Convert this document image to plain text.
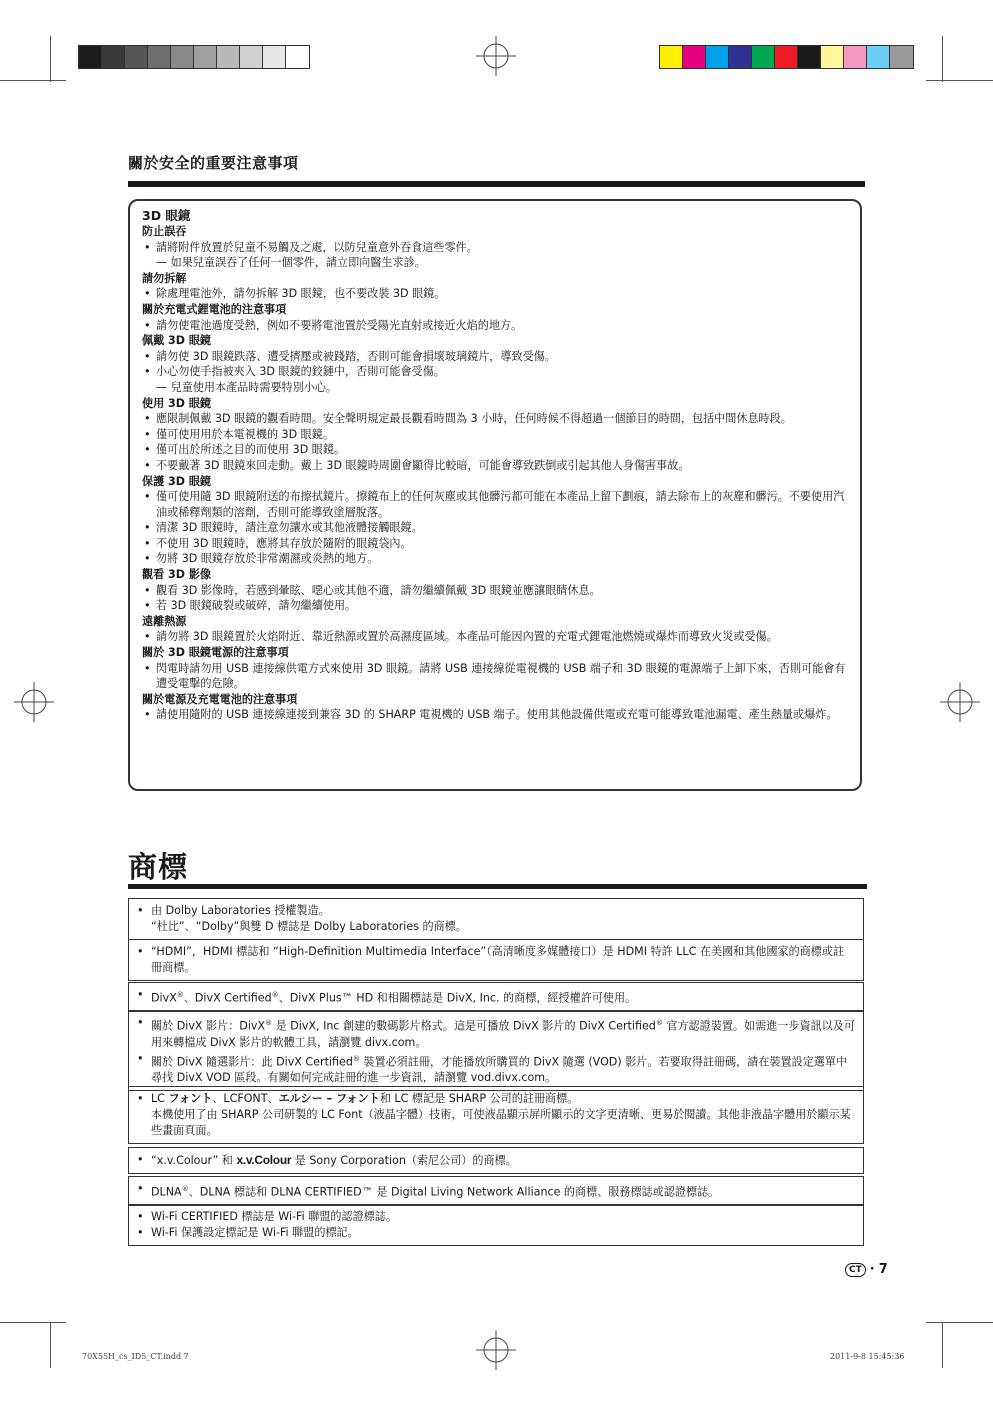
關於安全的重要注意事項
3D 眼鏡
防止誤吞
• 請將附件放置於兒童不易觸及之處，以防兒童意外吞食這些零件。
— 如果兒童誤吞了任何一個零件，請立即向醫生求診。
請勿拆解
• 除處理電池外，請勿拆解 3D 眼鏡，也不要改裝 3D 眼鏡。
關於充電式鋰電池的注意事項
• 請勿使電池過度受熱，例如不要將電池置於受陽光直射或接近火焰的地方。
佩戴 3D 眼鏡
• 請勿使 3D 眼鏡跌落、遭受擠壓或被踐踏，否則可能會損壞玻璃鏡片，導致受傷。
• 小心勿使手指被夾入 3D 眼鏡的鉸鏈中，否則可能會受傷。
— 兒童使用本產品時需要特別小心。
使用 3D 眼鏡
• 應限制佩戴 3D 眼鏡的觀看時間。安全聲明規定最長觀看時間為 3 小時，任何時候不得超過一個節目的時間，包括中間休息時段。
• 僅可使用用於本電視機的 3D 眼鏡。
• 僅可出於所述之目的而使用 3D 眼鏡。
• 不要戴著 3D 眼鏡來回走動。戴上 3D 眼鏡時周圍會顯得比較暗，可能會導致跌倒或引起其他人身傷害事故。
保護 3D 眼鏡
• 僅可使用隨 3D 眼鏡附送的布擦拭鏡片。擦鏡布上的任何灰塵或其他髒污都可能在本產品上留下劃痕，請去除布上的灰塵和髒污。不要使用汽油或稀釋劑類的溶劑，否則可能導致塗層脫落。
• 清潔 3D 眼鏡時，請注意勿讓水或其他液體接觸眼鏡。
• 不使用 3D 眼鏡時，應將其存放於隨附的眼鏡袋內。
• 勿將 3D 眼鏡存放於非常潮濕或炎熱的地方。
觀看 3D 影像
• 觀看 3D 影像時，若感到暈眩、噁心或其他不適，請勿繼續佩戴 3D 眼鏡並應讓眼睛休息。
• 若 3D 眼鏡破裂或破碎，請勿繼續使用。
遠離熱源
• 請勿將 3D 眼鏡置於火焰附近、靠近熱源或置於高濕度區域。本產品可能因內置的充電式鋰電池燃燒或爆炸而導致火災或受傷。
關於 3D 眼鏡電源的注意事項
• 閃電時請勿用 USB 連接線供電方式來使用 3D 眼鏡。請將 USB 連接線從電視機的 USB 端子和 3D 眼鏡的電源端子上卸下來，否則可能會有遭受電擊的危險。
關於電源及充電電池的注意事項
• 請使用隨附的 USB 連接線連接到兼容 3D 的 SHARP 電視機的 USB 端子。使用其他設備供電或充電可能導致電池漏電、產生熱量或爆炸。
商標
• 由 Dolby Laboratories 授權製造。
“杜比”、“Dolby”與雙 D 標誌是 Dolby Laboratories 的商標。
• “HDMI”，HDMI 標誌和 “High-Definition Multimedia Interface”（高清晰度多媒體接口）是 HDMI 特許 LLC 在美國和其他國家的商標或註冊商標。
• DivX®、DivX Certified®、DivX Plus™ HD 和相關標誌是 DivX, Inc. 的商標，經授權許可使用。
• 關於 DivX 影片：DivX® 是 DivX, Inc 創建的數碼影片格式。這是可播放 DivX 影片的 DivX Certified® 官方認證裝置。如需進一步資訊以及可用來轉檔成 DivX 影片的軟體工具，請瀏覽 divx.com。
• 關於 DivX 隨選影片：此 DivX Certified® 裝置必須註冊，才能播放所購買的 DivX 隨選 (VOD) 影片。若要取得註冊碼，請在裝置設定選單中尋找 DivX VOD 區段。有關如何完成註冊的進一步資訊，請瀏覽 vod.divx.com。
• LC フォント、LCFONT、エルシー – フォント和 LC 標記是 SHARP 公司的註冊商標。
本機使用了由 SHARP 公司研製的 LC Font（液晶字體）技術，可使液晶顯示屏所顯示的文字更清晰、更易於閱讀。其他非液晶字體用於顯示某些畫面頁面。
• “x.v.Colour” 和 x.v.Colour 是 Sony Corporation（索尼公司）的商標。
• DLNA®、DLNA 標誌和 DLNA CERTIFIED™ 是 Digital Living Network Alliance 的商標、服務標誌或認證標誌。
• Wi-Fi CERTIFIED 標誌是 Wi-Fi 聯盟的認證標誌。
• Wi-Fi 保護設定標記是 Wi-Fi 聯盟的標記。
CT · 7
70X55H_cs_ID5_CT.indd 7	2011-9-8 15:45:36
